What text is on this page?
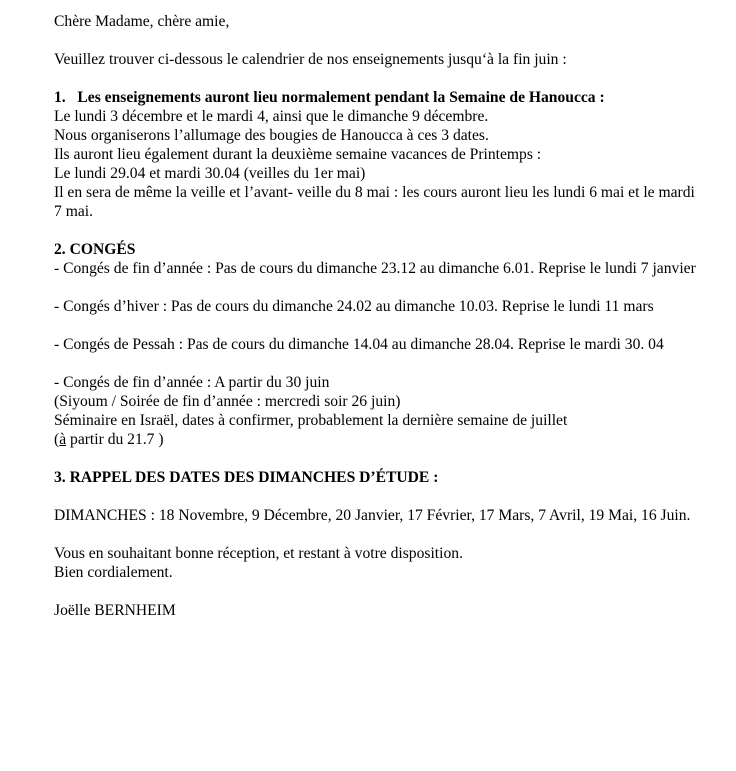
Chère Madame, chère amie,
Veuillez trouver ci-dessous le calendrier de nos enseignements jusqu‘à la fin juin :
1.   Les enseignements auront lieu normalement pendant la Semaine de Hanoucca :
Le lundi 3 décembre et le mardi 4, ainsi que le dimanche 9 décembre.
Nous organiserons l’allumage des bougies de Hanoucca à ces 3 dates.
Ils auront lieu également durant la deuxième semaine vacances de Printemps :
Le lundi 29.04 et mardi 30.04 (veilles du 1er mai)
Il en sera de même la veille et l’avant- veille du 8 mai : les cours auront lieu les lundi 6 mai et le mardi 7 mai.
2. CONGÉS
- Congés de fin d’année : Pas de cours du dimanche 23.12 au dimanche 6.01. Reprise le lundi 7 janvier
- Congés d’hiver : Pas de cours du dimanche 24.02 au dimanche 10.03. Reprise le lundi 11 mars
- Congés de Pessah : Pas de cours du dimanche 14.04 au dimanche 28.04. Reprise le mardi 30. 04
- Congés de fin d’année : A partir du 30 juin
(Siyoum / Soirée de fin d’année : mercredi soir 26 juin)
Séminaire en Israël, dates à confirmer, probablement la dernière semaine de juillet
(à partir du 21.7 )
3. RAPPEL DES DATES DES DIMANCHES D’ÉTUDE :
DIMANCHES : 18 Novembre, 9 Décembre, 20 Janvier, 17 Février, 17 Mars, 7 Avril, 19 Mai, 16 Juin.
Vous en souhaitant bonne réception, et restant à votre disposition.
Bien cordialement.
Joëlle BERNHEIM
